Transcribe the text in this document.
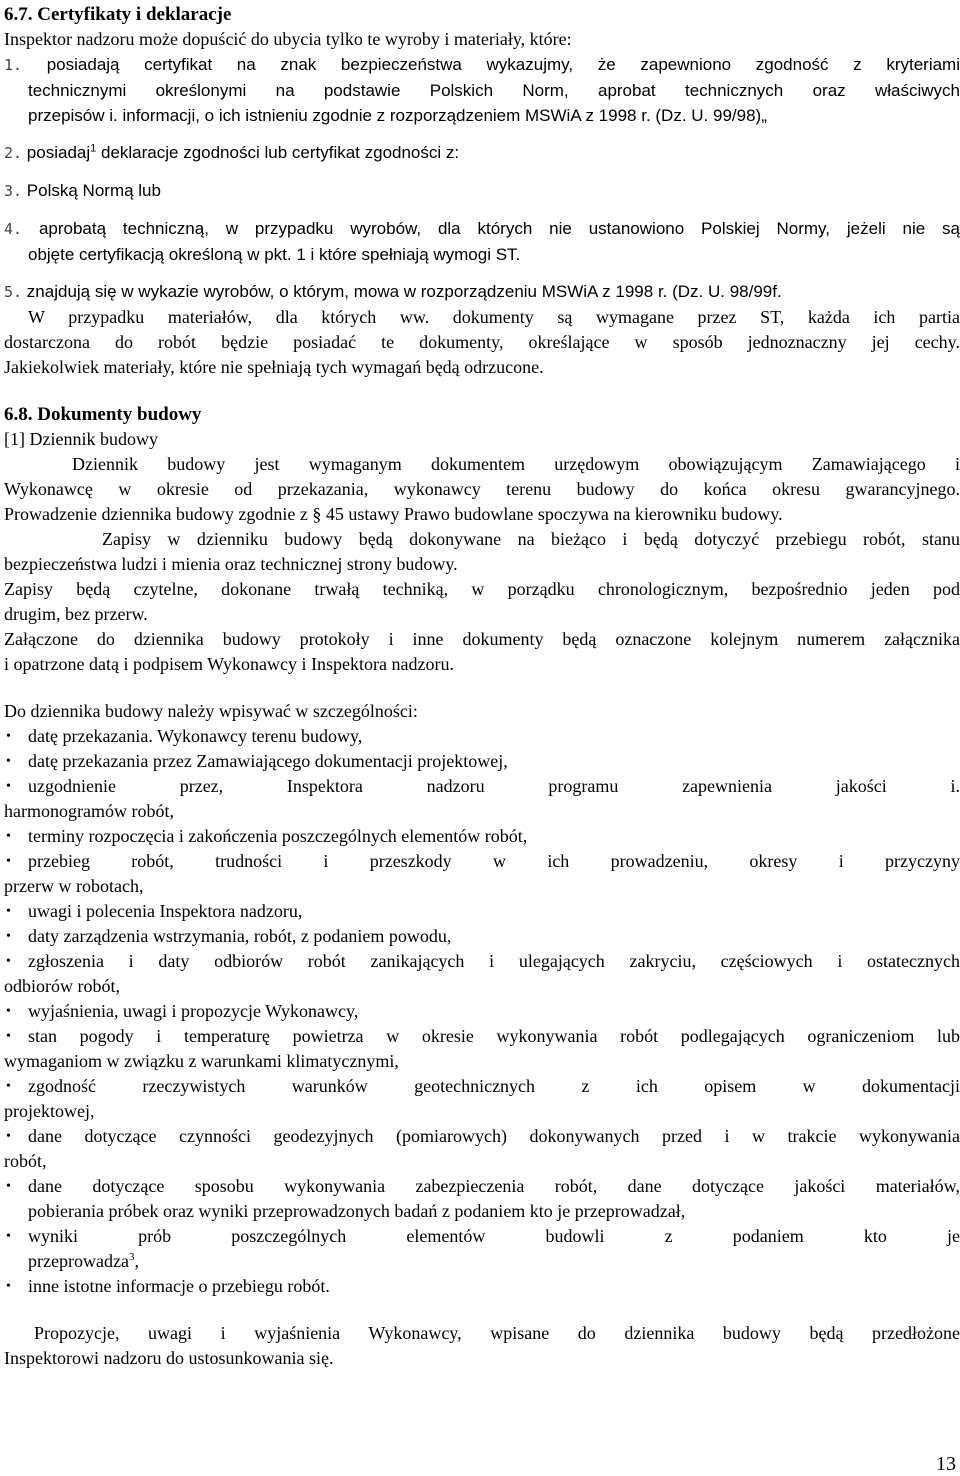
6.7. Certyfikaty i deklaracje
Inspektor nadzoru może dopuścić do ubycia tylko te wyroby i materiały, które:
1. posiadają certyfikat na znak bezpieczeństwa wykazujmy, że zapewniono zgodność z kryteriami
technicznymi określonymi na podstawie Polskich Norm, aprobat technicznych oraz właściwych
przepisów i. informacji, o ich istnieniu zgodnie z rozporządzeniem MSWiA z 1998 r. (Dz. U. 99/98)„
2. posiadaj$^1$ deklaracje zgodności lub certyfikat zgodności z:
3. Polską Normą lub
4. aprobatą techniczną, w przypadku wyrobów, dla których nie ustanowiono Polskiej Normy, jeżeli nie są
objęte certyfikacją określoną w pkt. 1 i które spełniają wymogi ST.
5. znajdują się w wykazie wyrobów, o którym, mowa w rozporządzeniu MSWiA z 1998 r. (Dz. U. 98/99f.
W przypadku materiałów, dla których ww. dokumenty są wymagane przez ST, każda ich partia
dostarczona do robót będzie posiadać te dokumenty, określające w sposób jednoznaczny jej cechy.
Jakiekolwiek materiały, które nie spełniają tych wymagań będą odrzucone.
6.8. Dokumenty budowy
[1] Dziennik budowy
Dziennik budowy jest wymaganym dokumentem urzędowym obowiązującym Zamawiającego i
Wykonawcę w okresie od przekazania, wykonawcy terenu budowy do końca okresu gwarancyjnego.
Prowadzenie dziennika budowy zgodnie z § 45 ustawy Prawo budowlane spoczywa na kierowniku budowy.
Zapisy w dzienniku budowy będą dokonywane na bieżąco i będą dotyczyć przebiegu robót, stanu
bezpieczeństwa ludzi i mienia oraz technicznej strony budowy.
Zapisy będą czytelne, dokonane trwałą techniką, w porządku chronologicznym, bezpośrednio jeden pod
drugim, bez przerw.
Załączone do dziennika budowy protokoły i inne dokumenty będą oznaczone kolejnym numerem załącznika
i opatrzone datą i podpisem Wykonawcy i Inspektora nadzoru.
Do dziennika budowy należy wpisywać w szczególności:
• datę przekazania. Wykonawcy terenu budowy,
• datę przekazania przez Zamawiającego dokumentacji projektowej,
• uzgodnienie przez, Inspektora nadzoru programu zapewnienia jakości i.
harmonogramów robót,
• terminy rozpoczęcia i zakończenia poszczególnych elementów robót,
• przebieg robót, trudności i przeszkody w ich prowadzeniu, okresy i przyczyny
przerw w robotach,
• uwagi i polecenia Inspektora nadzoru,
• daty zarządzenia wstrzymania, robót, z podaniem powodu,
• zgłoszenia i daty odbiorów robót zanikających i ulegających zakryciu, częściowych i ostatecznych
odbiorów robót,
• wyjaśnienia, uwagi i propozycje Wykonawcy,
• stan pogody i temperaturę powietrza w okresie wykonywania robót podlegających ograniczeniom lub
wymaganiom w związku z warunkami klimatycznymi,
• zgodność rzeczywistych warunków geotechnicznych z ich opisem w dokumentacji
projektowej,
• dane dotyczące czynności geodezyjnych (pomiarowych) dokonywanych przed i w trakcie wykonywania
robót,
• dane dotyczące sposobu wykonywania zabezpieczenia robót, dane dotyczące jakości materiałów,
pobierania próbek oraz wyniki przeprowadzonych badań z podaniem kto je przeprowadzał,
• wyniki prób poszczególnych elementów budowli z podaniem kto je
przeprowadza$^3$,
• inne istotne informacje o przebiegu robót.
Propozycje, uwagi i wyjaśnienia Wykonawcy, wpisane do dziennika budowy będą przedłożone
Inspektorowi nadzoru do ustosunkowania się.
13
